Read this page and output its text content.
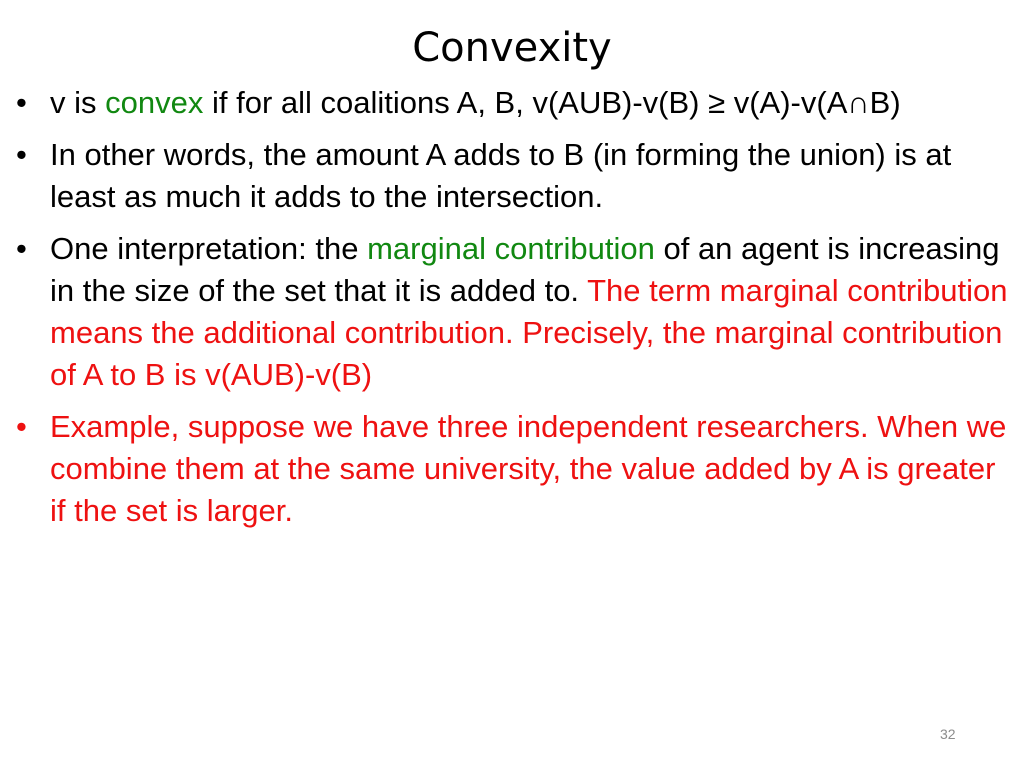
Convexity
• v is convex if for all coalitions A, B, v(AUB)-v(B) ≥ v(A)-v(A∩B)
• In other words, the amount A adds to B (in forming the union) is at least as much it adds to the intersection.
• One interpretation: the marginal contribution of an agent is increasing in the size of the set that it is added to. The term marginal contribution means the additional contribution. Precisely, the marginal contribution of A to B is v(AUB)-v(B)
• Example, suppose we have three independent researchers. When we combine them at the same university, the value added by A is greater if the set is larger.
32
